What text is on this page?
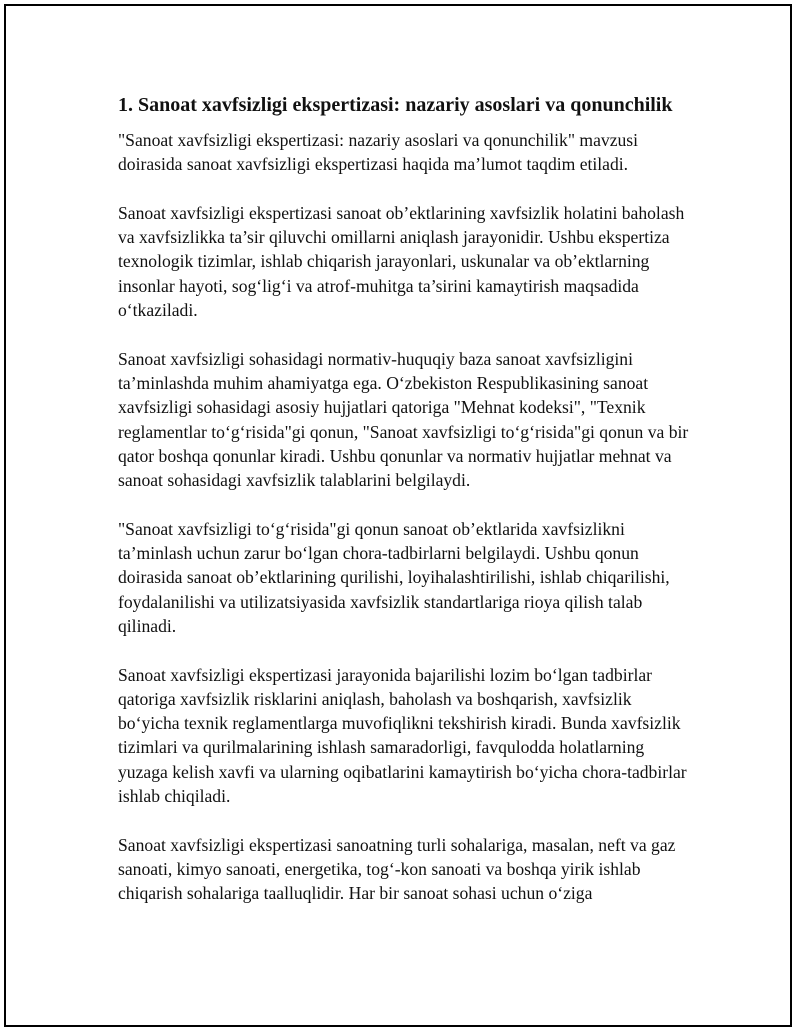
1. Sanoat xavfsizligi ekspertizasi: nazariy asoslari va qonunchilik

"Sanoat xavfsizligi ekspertizasi: nazariy asoslari va qonunchilik" mavzusi doirasida sanoat xavfsizligi ekspertizasi haqida ma’lumot taqdim etiladi.

Sanoat xavfsizligi ekspertizasi sanoat ob’ektlarining xavfsizlik holatini baholash va xavfsizlikka ta’sir qiluvchi omillarni aniqlash jarayonidir. Ushbu ekspertiza texnologik tizimlar, ishlab chiqarish jarayonlari, uskunalar va ob’ektlarning insonlar hayoti, sog‘lig‘i va atrof-muhitga ta’sirini kamaytirish maqsadida o‘tkaziladi.

Sanoat xavfsizligi sohasidagi normativ-huquqiy baza sanoat xavfsizligini ta’minlashda muhim ahamiyatga ega. O‘zbekiston Respublikasining sanoat xavfsizligi sohasidagi asosiy hujjatlari qatoriga "Mehnat kodeksi", "Texnik reglamentlar to‘g‘risida"gi qonun, "Sanoat xavfsizligi to‘g‘risida"gi qonun va bir qator boshqa qonunlar kiradi. Ushbu qonunlar va normativ hujjatlar mehnat va sanoat sohasidagi xavfsizlik talablarini belgilaydi.

"Sanoat xavfsizligi to‘g‘risida"gi qonun sanoat ob’ektlarida xavfsizlikni ta’minlash uchun zarur bo‘lgan chora-tadbirlarni belgilaydi. Ushbu qonun doirasida sanoat ob’ektlarining qurilishi, loyihalashtirilishi, ishlab chiqarilishi, foydalanilishi va utilizatsiyasida xavfsizlik standartlariga rioya qilish talab qilinadi.

Sanoat xavfsizligi ekspertizasi jarayonida bajarilishi lozim bo‘lgan tadbirlar qatoriga xavfsizlik risklarini aniqlash, baholash va boshqarish, xavfsizlik bo‘yicha texnik reglamentlarga muvofiqlikni tekshirish kiradi. Bunda xavfsizlik tizimlari va qurilmalarining ishlash samaradorligi, favqulodda holatlarning yuzaga kelish xavfi va ularning oqibatlarini kamaytirish bo‘yicha chora-tadbirlar ishlab chiqiladi.

Sanoat xavfsizligi ekspertizasi sanoatning turli sohalariga, masalan, neft va gaz sanoati, kimyo sanoati, energetika, tog‘-kon sanoati va boshqa yirik ishlab chiqarish sohalariga taalluqlidir. Har bir sanoat sohasi uchun o‘ziga
